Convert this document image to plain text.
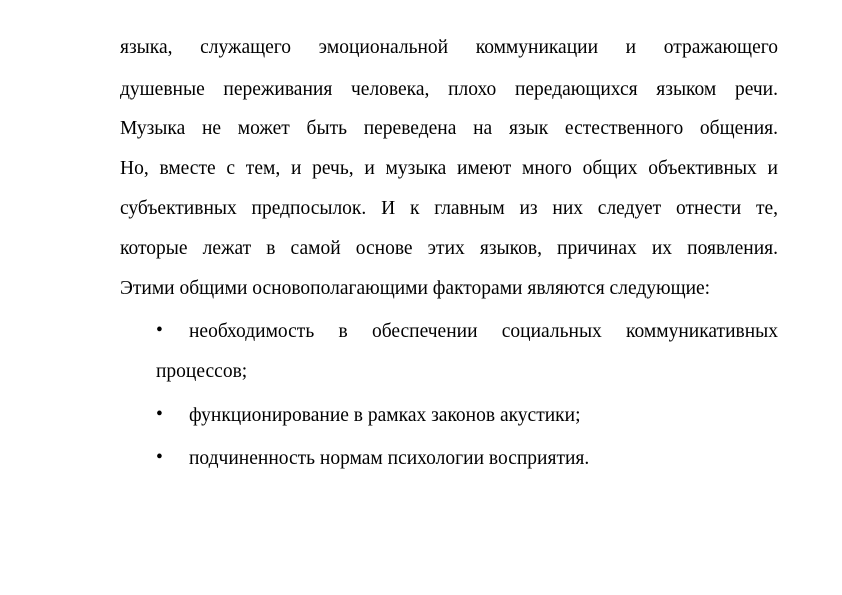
языка, служащего эмоциональной коммуникации и отражающего
душевные переживания человека, плохо передающихся языком речи.
Музыка не может быть переведена на язык естественного общения.
Но, вместе с тем, и речь, и музыка имеют много общих объективных и
субъективных предпосылок. И к главным из них следует отнести те,
которые лежат в самой основе этих языков, причинах их появления.
Этими общими основополагающими факторами являются следующие:
• необходимость в обеспечении социальных коммуникативных
процессов;
• функционирование в рамках законов акустики;
• подчиненность нормам психологии восприятия.
